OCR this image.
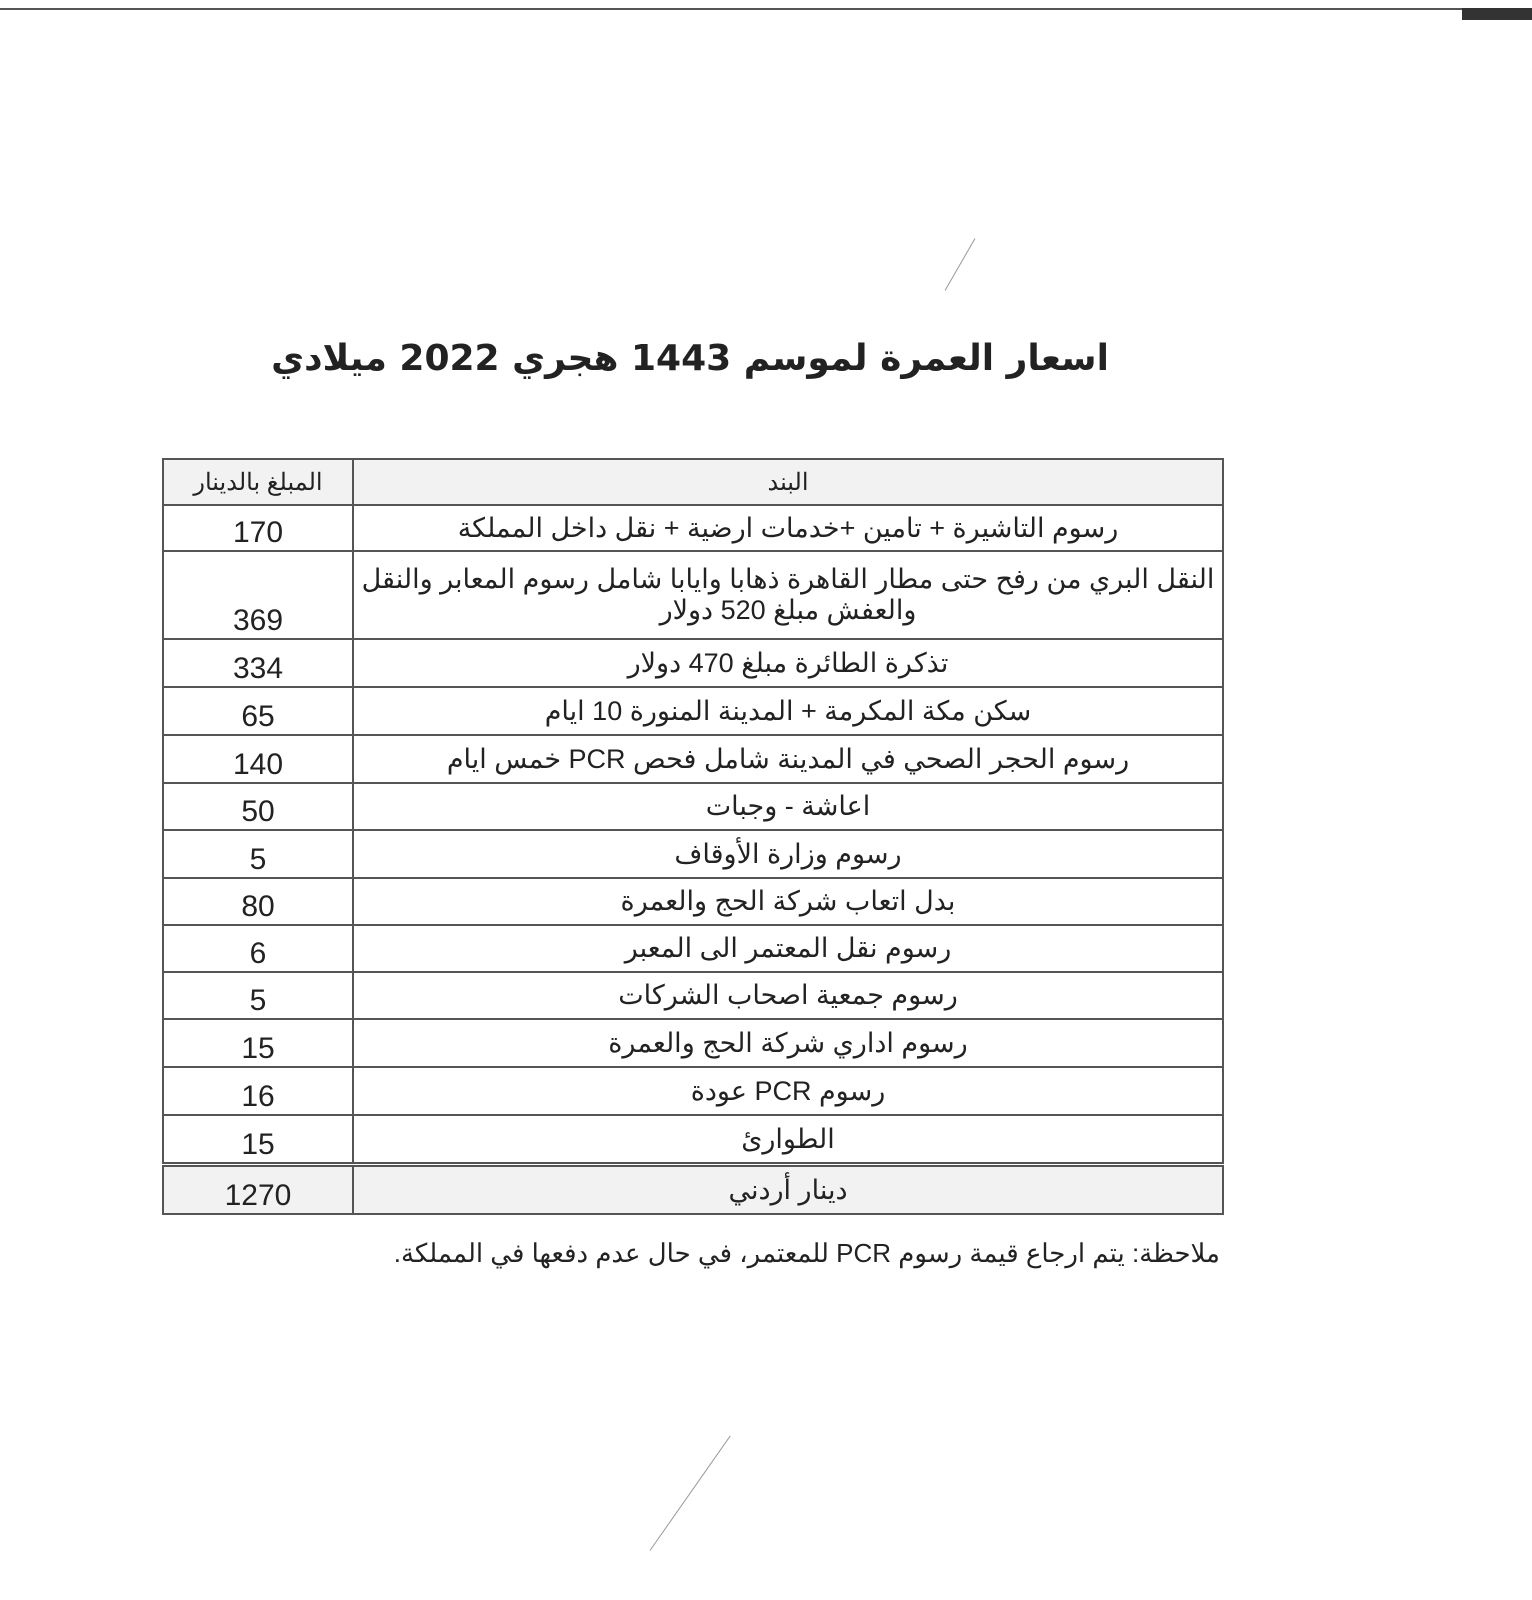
اسعار العمرة لموسم 1443 هجري 2022 ميلادي
البند	المبلغ بالدينار
رسوم التاشيرة + تامين +خدمات ارضية + نقل داخل المملكة	170
النقل البري من رفح حتى مطار القاهرة ذهابا وايابا شامل رسوم المعابر والنقل والعفش مبلغ 520 دولار	369
تذكرة الطائرة مبلغ 470 دولار	334
سكن مكة المكرمة + المدينة المنورة 10 ايام	65
رسوم الحجر الصحي في المدينة شامل فحص PCR خمس ايام	140
اعاشة - وجبات	50
رسوم وزارة الأوقاف	5
بدل اتعاب شركة الحج والعمرة	80
رسوم نقل المعتمر الى المعبر	6
رسوم جمعية اصحاب الشركات	5
رسوم اداري شركة الحج والعمرة	15
رسوم PCR عودة	16
الطوارئ	15
دينار أردني	1270
ملاحظة: يتم ارجاع قيمة رسوم PCR للمعتمر، في حال عدم دفعها في المملكة.
